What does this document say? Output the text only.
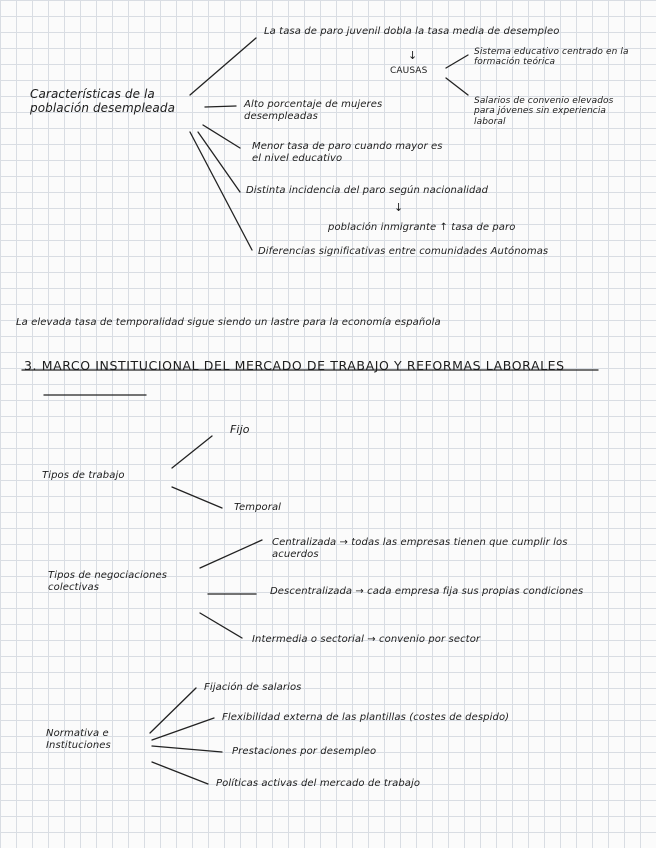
Características de la población desempleada
La tasa de paro juvenil dobla la tasa media de desempleo
↓
CAUSAS
Sistema educativo centrado en la formación teórica
Salarios de convenio elevados para jóvenes sin experiencia laboral
Alto porcentaje de mujeres desempleadas
Menor tasa de paro cuando mayor es el nivel educativo
Distinta incidencia del paro según nacionalidad
↓
población inmigrante ↑ tasa de paro
Diferencias significativas entre comunidades Autónomas
La elevada tasa de temporalidad sigue siendo un lastre para la economía española
3. MARCO INSTITUCIONAL DEL MERCADO DE TRABAJO Y REFORMAS LABORALES
Tipos de trabajo
Fijo
Temporal
Tipos de negociaciones colectivas
Centralizada → todas las empresas tienen que cumplir los acuerdos
Descentralizada → cada empresa fija sus propias condiciones
Intermedia o sectorial → convenio por sector
Normativa e Instituciones
Fijación de salarios
Flexibilidad externa de las plantillas (costes de despido)
Prestaciones por desempleo
Políticas activas del mercado de trabajo
